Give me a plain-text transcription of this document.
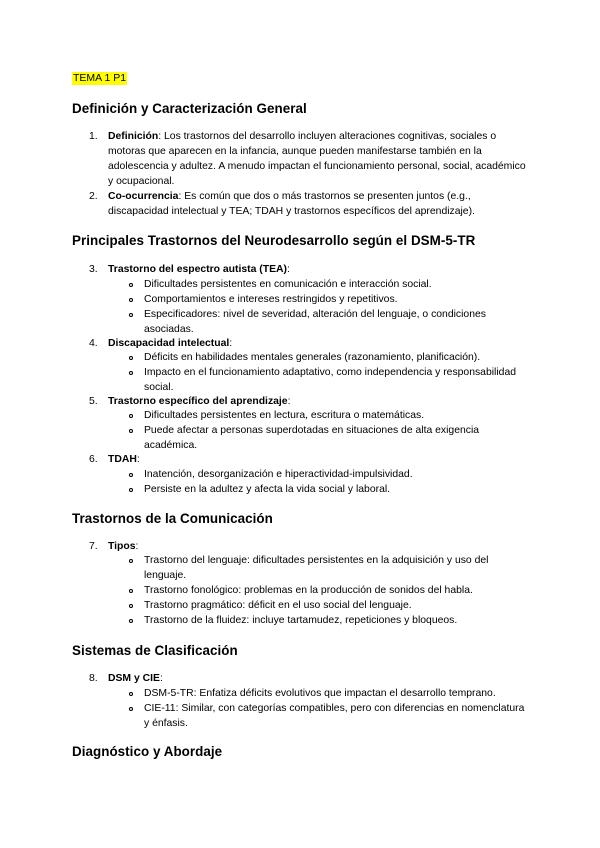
TEMA 1 P1
Definición y Caracterización General
1. Definición: Los trastornos del desarrollo incluyen alteraciones cognitivas, sociales o motoras que aparecen en la infancia, aunque pueden manifestarse también en la adolescencia y adultez. A menudo impactan el funcionamiento personal, social, académico y ocupacional.
2. Co-ocurrencia: Es común que dos o más trastornos se presenten juntos (e.g., discapacidad intelectual y TEA; TDAH y trastornos específicos del aprendizaje).
Principales Trastornos del Neurodesarrollo según el DSM-5-TR
3. Trastorno del espectro autista (TEA):
Dificultades persistentes en comunicación e interacción social.
Comportamientos e intereses restringidos y repetitivos.
Especificadores: nivel de severidad, alteración del lenguaje, o condiciones asociadas.
4. Discapacidad intelectual:
Déficits en habilidades mentales generales (razonamiento, planificación).
Impacto en el funcionamiento adaptativo, como independencia y responsabilidad social.
5. Trastorno específico del aprendizaje:
Dificultades persistentes en lectura, escritura o matemáticas.
Puede afectar a personas superdotadas en situaciones de alta exigencia académica.
6. TDAH:
Inatención, desorganización e hiperactividad-impulsividad.
Persiste en la adultez y afecta la vida social y laboral.
Trastornos de la Comunicación
7. Tipos:
Trastorno del lenguaje: dificultades persistentes en la adquisición y uso del lenguaje.
Trastorno fonológico: problemas en la producción de sonidos del habla.
Trastorno pragmático: déficit en el uso social del lenguaje.
Trastorno de la fluidez: incluye tartamudez, repeticiones y bloqueos.
Sistemas de Clasificación
8. DSM y CIE:
DSM-5-TR: Enfatiza déficits evolutivos que impactan el desarrollo temprano.
CIE-11: Similar, con categorías compatibles, pero con diferencias en nomenclatura y énfasis.
Diagnóstico y Abordaje
